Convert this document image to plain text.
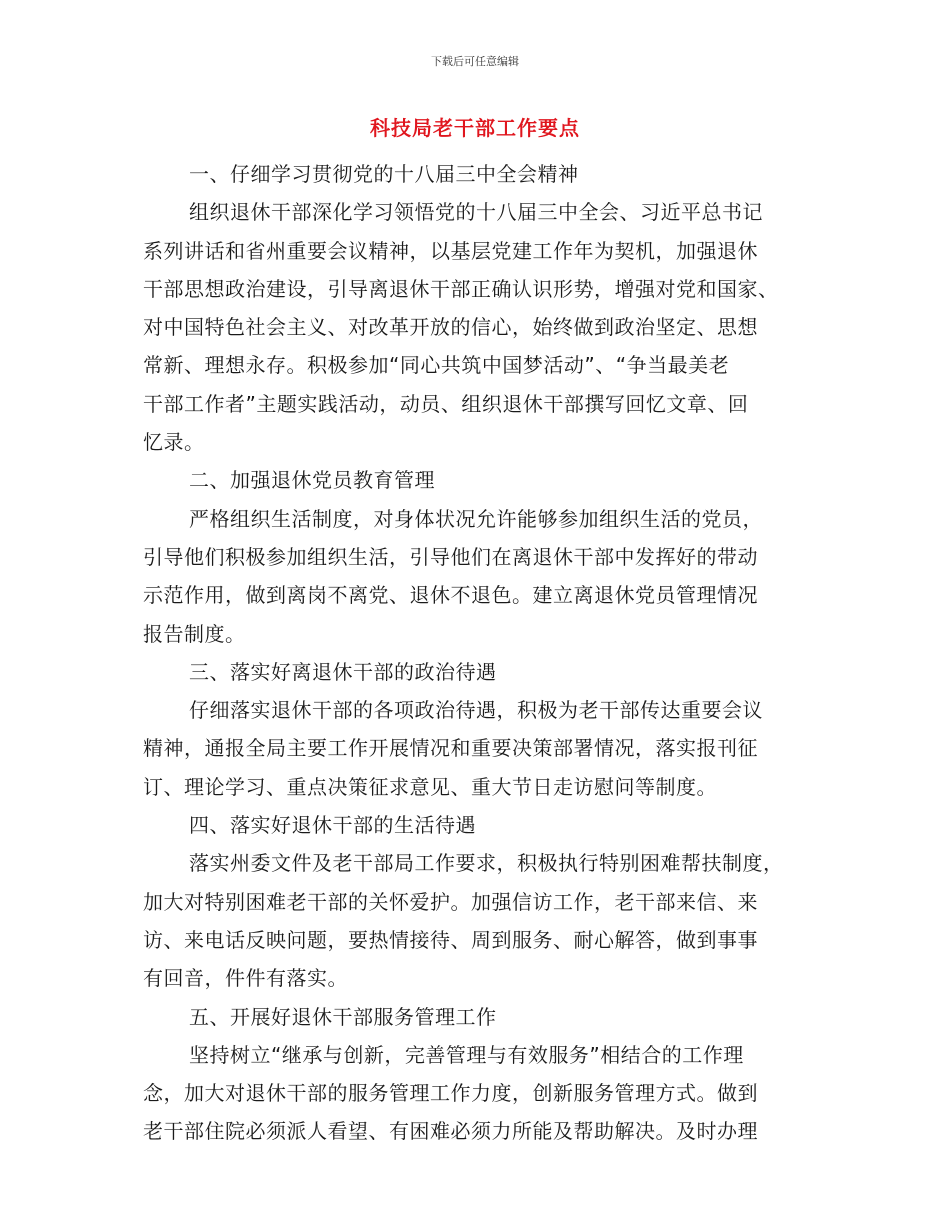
下载后可任意编辑
科技局老干部工作要点
一、仔细学习贯彻党的十八届三中全会精神
组织退休干部深化学习领悟党的十八届三中全会、习近平总书记
系列讲话和省州重要会议精神，以基层党建工作年为契机，加强退休
干部思想政治建设，引导离退休干部正确认识形势，增强对党和国家、
对中国特色社会主义、对改革开放的信心，始终做到政治坚定、思想
常新、理想永存。积极参加“同心共筑中国梦活动”、“争当最美老
干部工作者”主题实践活动，动员、组织退休干部撰写回忆文章、回
忆录。
二、加强退休党员教育管理
严格组织生活制度，对身体状况允许能够参加组织生活的党员，
引导他们积极参加组织生活，引导他们在离退休干部中发挥好的带动
示范作用，做到离岗不离党、退休不退色。建立离退休党员管理情况
报告制度。
三、落实好离退休干部的政治待遇
仔细落实退休干部的各项政治待遇，积极为老干部传达重要会议
精神，通报全局主要工作开展情况和重要决策部署情况，落实报刊征
订、理论学习、重点决策征求意见、重大节日走访慰问等制度。
四、落实好退休干部的生活待遇
落实州委文件及老干部局工作要求，积极执行特别困难帮扶制度，
加大对特别困难老干部的关怀爱护。加强信访工作，老干部来信、来
访、来电话反映问题，要热情接待、周到服务、耐心解答，做到事事
有回音，件件有落实。
五、开展好退休干部服务管理工作
坚持树立“继承与创新，完善管理与有效服务”相结合的工作理
念，加大对退休干部的服务管理工作力度，创新服务管理方式。做到
老干部住院必须派人看望、有困难必须力所能及帮助解决。及时办理
